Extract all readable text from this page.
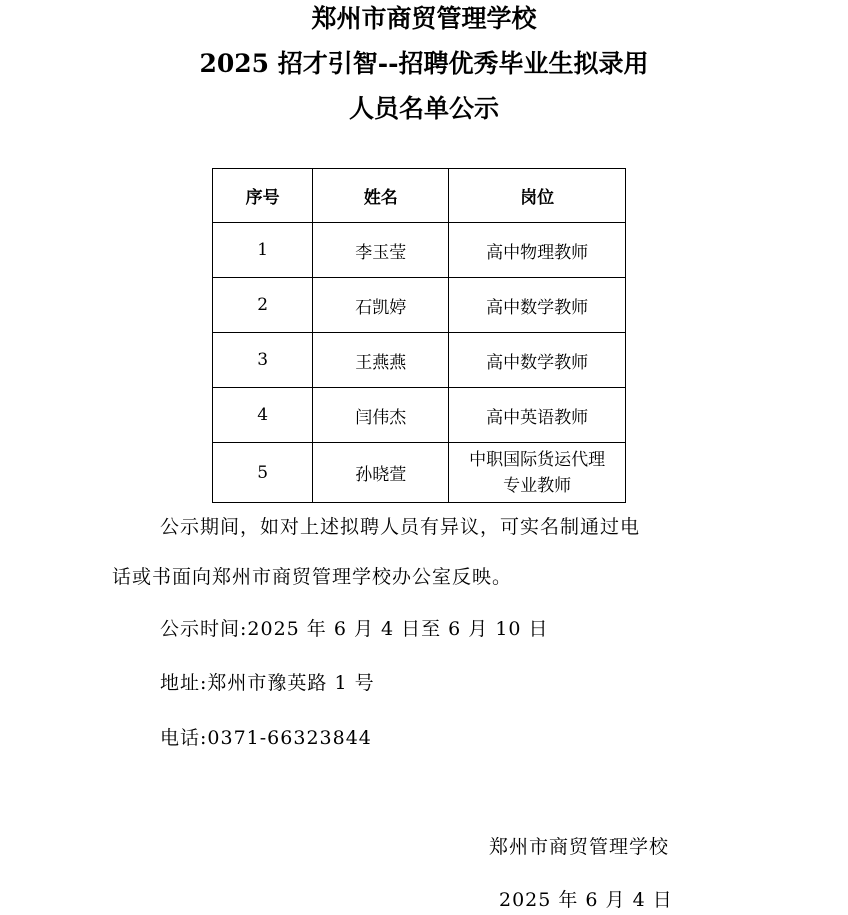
郑州市商贸管理学校
2025 招才引智--招聘优秀毕业生拟录用
人员名单公示
序号	姓名	岗位
1	李玉莹	高中物理教师
2	石凯婷	高中数学教师
3	王燕燕	高中数学教师
4	闫伟杰	高中英语教师
5	孙晓萱	中职国际货运代理专业教师
公示期间，如对上述拟聘人员有异议，可实名制通过电
话或书面向郑州市商贸管理学校办公室反映。
公示时间:2025 年 6 月 4 日至 6 月 10 日
地址:郑州市豫英路 1 号
电话:0371-66323844
郑州市商贸管理学校
2025 年 6 月 4 日
